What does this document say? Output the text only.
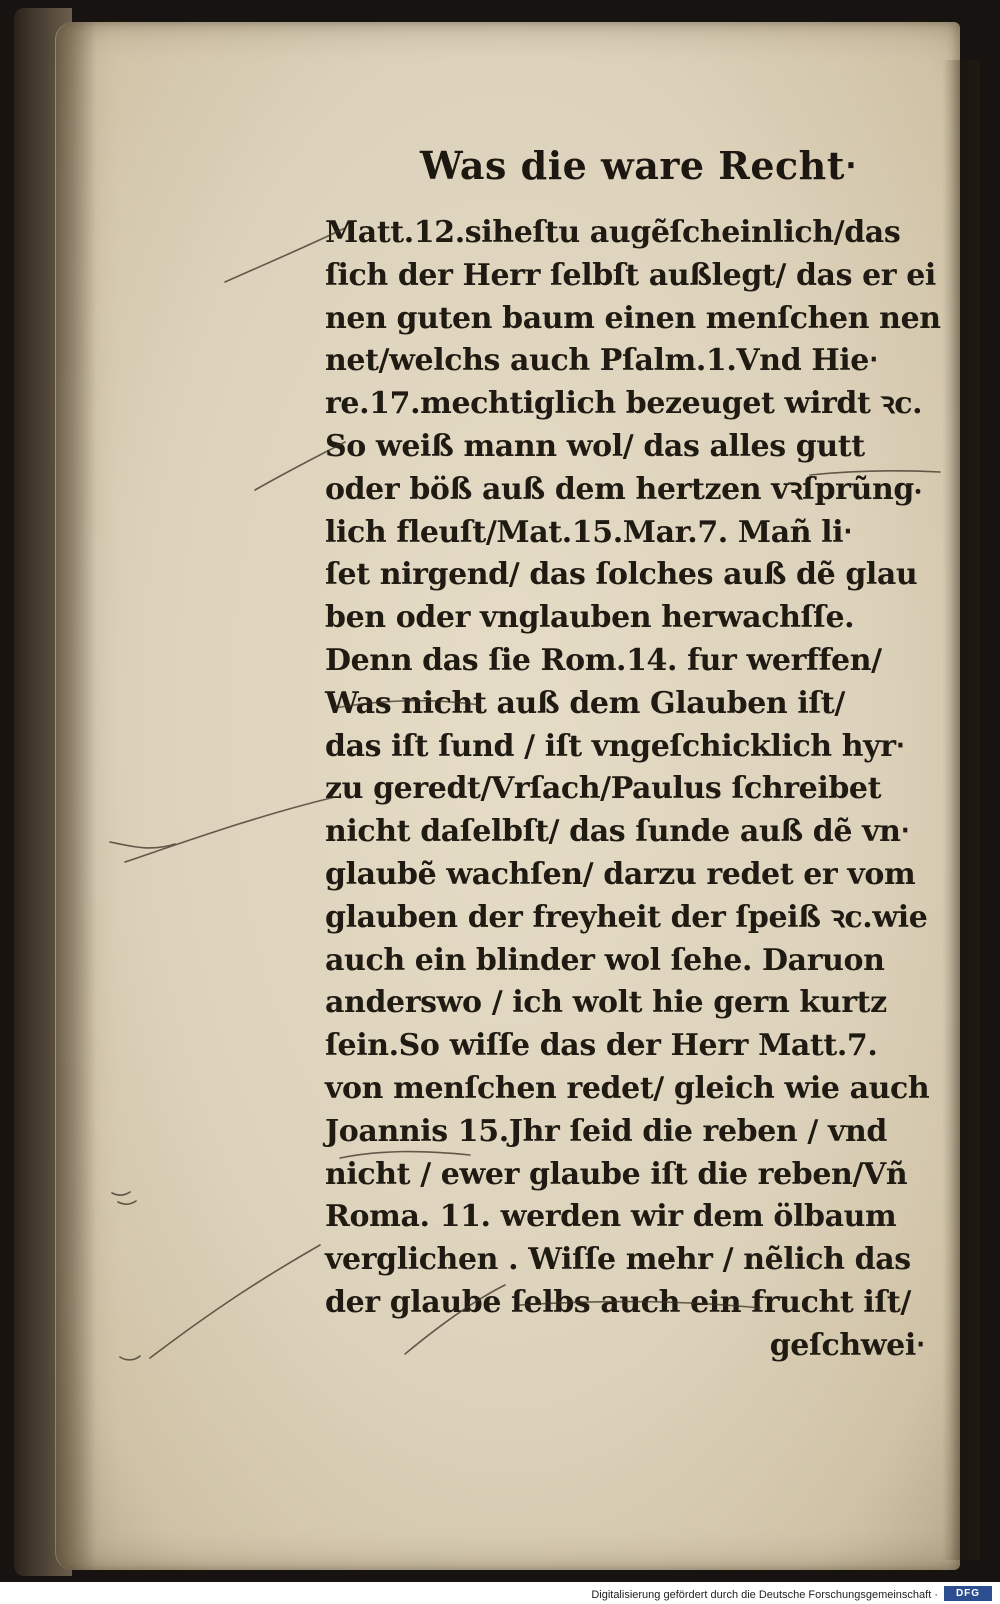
Was die ware Recht‧
Matt.12.siheſtu augẽſcheinlich/das
ſich der Herr ſelbſt außlegt/ das er ei
nen guten baum einen menſchen nen
net/welchs auch Pſalm.1.Vnd Hie‧
re.17.mechtiglich bezeuget wirdt ꝛc.
So weiß mann wol/ das alles gutt
oder böß auß dem hertzen vꝛſprũng‧
lich fleuſt/Mat.15.Mar.7. Mañ li‧
ſet nirgend/ das ſolches auß dẽ glau
ben oder vnglauben herwachſſe.
Denn das ſie Rom.14. fur werffen/
Was nicht auß dem Glauben iſt/
das iſt ſund / iſt vngeſchicklich hyr‧
zu geredt/Vrſach/Paulus ſchreibet
nicht daſelbſt/ das ſunde auß dẽ vn‧
glaubẽ wachſen/ darzu redet er vom
glauben der freyheit der ſpeiß ꝛc.wie
auch ein blinder wol ſehe. Daruon
anderswo / ich wolt hie gern kurtz
ſein.So wiſſe das der Herr Matt.7.
von menſchen redet/ gleich wie auch
Joannis 15.Jhr ſeid die reben / vnd
nicht / ewer glaube iſt die reben/Vñ
Roma. 11. werden wir dem ölbaum
verglichen . Wiſſe mehr / nẽlich das
der glaube ſelbs auch ein frucht iſt/
geſchwei‧
Digitalisierung gefördert durch die Deutsche Forschungsgemeinschaft ·	DFG
